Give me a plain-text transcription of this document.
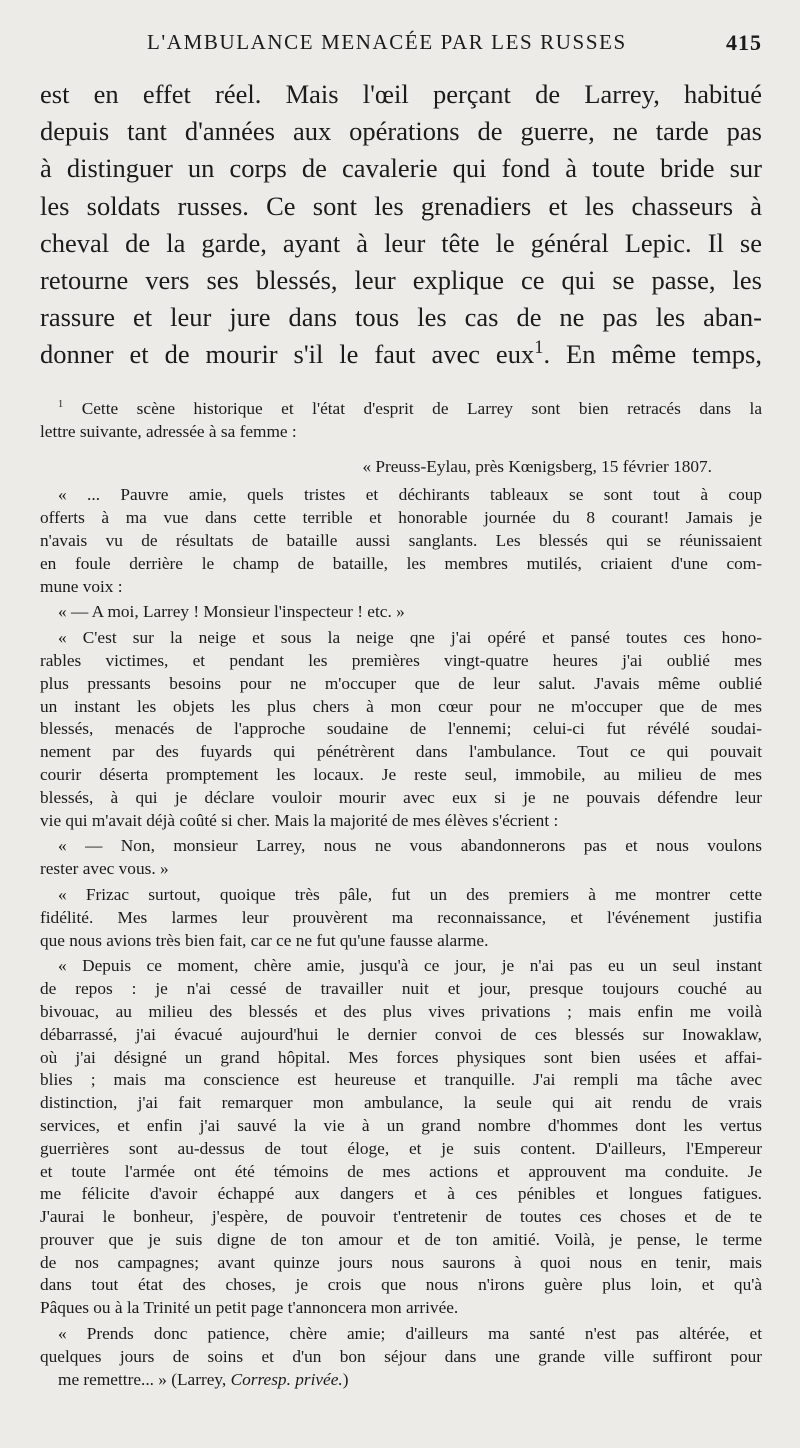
L'AMBULANCE MENACÉE PAR LES RUSSES	415
est en effet réel. Mais l'œil perçant de Larrey, habitué
depuis tant d'années aux opérations de guerre, ne tarde pas
à distinguer un corps de cavalerie qui fond à toute bride sur
les soldats russes. Ce sont les grenadiers et les chasseurs à
cheval de la garde, ayant à leur tête le général Lepic. Il se
retourne vers ses blessés, leur explique ce qui se passe, les
rassure et leur jure dans tous les cas de ne pas les aban-
donner et de mourir s'il le faut avec eux$^1$. En même temps,
$^1$ Cette scène historique et l'état d'esprit de Larrey sont bien retracés dans la
lettre suivante, adressée à sa femme :
« Preuss-Eylau, près Kœnigsberg, 15 février 1807.
« ... Pauvre amie, quels tristes et déchirants tableaux se sont tout à coup
offerts à ma vue dans cette terrible et honorable journée du 8 courant! Jamais je
n'avais vu de résultats de bataille aussi sanglants. Les blessés qui se réunissaient
en foule derrière le champ de bataille, les membres mutilés, criaient d'une com-
mune voix :
« — A moi, Larrey ! Monsieur l'inspecteur ! etc. »
« C'est sur la neige et sous la neige qne j'ai opéré et pansé toutes ces hono-
rables victimes, et pendant les premières vingt-quatre heures j'ai oublié mes
plus pressants besoins pour ne m'occuper que de leur salut. J'avais même oublié
un instant les objets les plus chers à mon cœur pour ne m'occuper que de mes
blessés, menacés de l'approche soudaine de l'ennemi; celui-ci fut révélé soudai-
nement par des fuyards qui pénétrèrent dans l'ambulance. Tout ce qui pouvait
courir déserta promptement les locaux. Je reste seul, immobile, au milieu de mes
blessés, à qui je déclare vouloir mourir avec eux si je ne pouvais défendre leur
vie qui m'avait déjà coûté si cher. Mais la majorité de mes élèves s'écrient :
« — Non, monsieur Larrey, nous ne vous abandonnerons pas et nous voulons
rester avec vous. »
« Frizac surtout, quoique très pâle, fut un des premiers à me montrer cette
fidélité. Mes larmes leur prouvèrent ma reconnaissance, et l'événement justifia
que nous avions très bien fait, car ce ne fut qu'une fausse alarme.
« Depuis ce moment, chère amie, jusqu'à ce jour, je n'ai pas eu un seul instant
de repos : je n'ai cessé de travailler nuit et jour, presque toujours couché au
bivouac, au milieu des blessés et des plus vives privations ; mais enfin me voilà
débarrassé, j'ai évacué aujourd'hui le dernier convoi de ces blessés sur Inowaklaw,
où j'ai désigné un grand hôpital. Mes forces physiques sont bien usées et affai-
blies ; mais ma conscience est heureuse et tranquille. J'ai rempli ma tâche avec
distinction, j'ai fait remarquer mon ambulance, la seule qui ait rendu de vrais
services, et enfin j'ai sauvé la vie à un grand nombre d'hommes dont les vertus
guerrières sont au-dessus de tout éloge, et je suis content. D'ailleurs, l'Empereur
et toute l'armée ont été témoins de mes actions et approuvent ma conduite. Je
me félicite d'avoir échappé aux dangers et à ces pénibles et longues fatigues.
J'aurai le bonheur, j'espère, de pouvoir t'entretenir de toutes ces choses et de te
prouver que je suis digne de ton amour et de ton amitié. Voilà, je pense, le terme
de nos campagnes; avant quinze jours nous saurons à quoi nous en tenir, mais
dans tout état des choses, je crois que nous n'irons guère plus loin, et qu'à
Pâques ou à la Trinité un petit page t'annoncera mon arrivée.
« Prends donc patience, chère amie; d'ailleurs ma santé n'est pas altérée, et
quelques jours de soins et d'un bon séjour dans une grande ville suffiront pour
me remettre... » (Larrey, Corresp. privée.)
